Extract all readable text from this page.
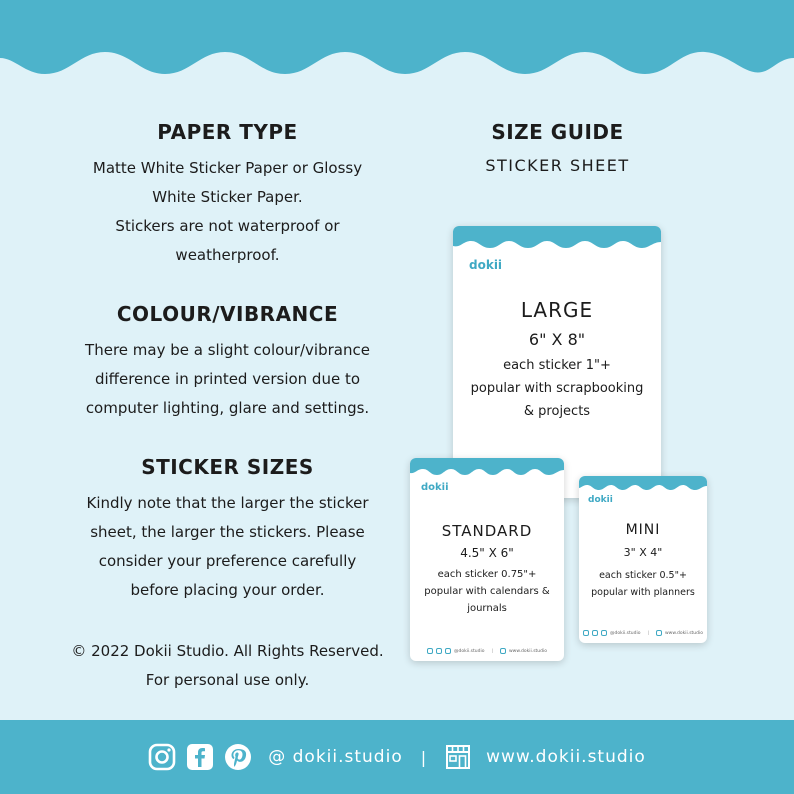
PAPER TYPE
Matte White Sticker Paper or Glossy
White Sticker Paper.
Stickers are not waterproof or
weatherproof.
COLOUR/VIBRANCE
There may be a slight colour/vibrance
difference in printed version due to
computer lighting, glare and settings.
STICKER SIZES
Kindly note that the larger the sticker
sheet, the larger the stickers. Please
consider your preference carefully
before placing your order.
© 2022 Dokii Studio. All Rights Reserved.
For personal use only.
SIZE GUIDE
STICKER SHEET
dokii
LARGE
6" X 8"
each sticker 1"+
popular with scrapbooking
& projects
dokii
STANDARD
4.5" X 6"
each sticker 0.75"+
popular with calendars &
journals
@dokii.studio |	www.dokii.studio
dokii
MINI
3" X 4"
each sticker 0.5"+
popular with planners
@dokii.studio |	www.dokii.studio
@ dokii.studio |	www.dokii.studio
